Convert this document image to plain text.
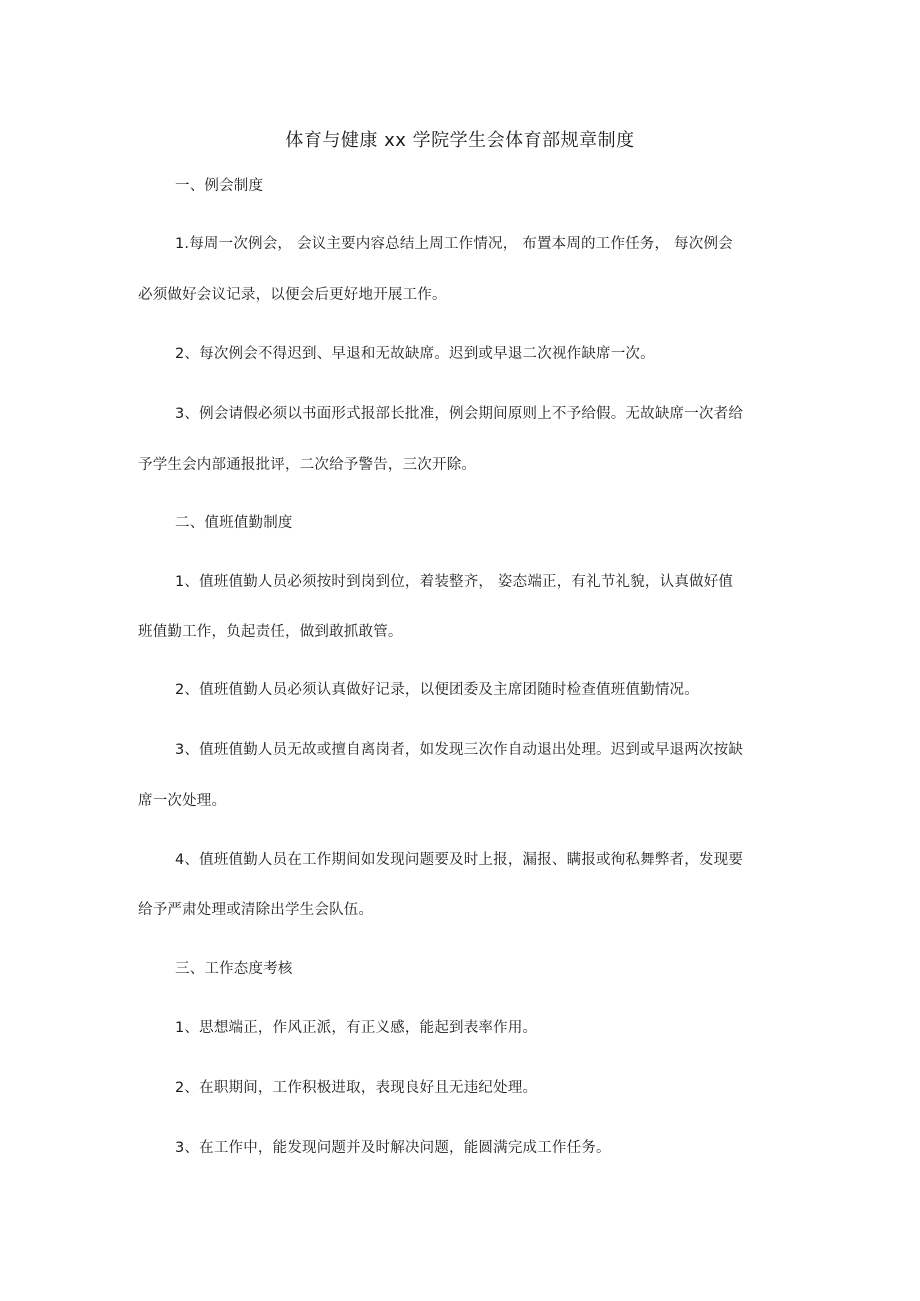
体育与健康 xx 学院学生会体育部规章制度
一、例会制度
1.每周一次例会， 会议主要内容总结上周工作情况， 布置本周的工作任务， 每次例会
必须做好会议记录，以便会后更好地开展工作。
2、每次例会不得迟到、早退和无故缺席。迟到或早退二次视作缺席一次。
3、例会请假必须以书面形式报部长批准，例会期间原则上不予给假。无故缺席一次者给
予学生会内部通报批评，二次给予警告，三次开除。
二、值班值勤制度
1、值班值勤人员必须按时到岗到位，着装整齐， 姿态端正，有礼节礼貌，认真做好值
班值勤工作，负起责任，做到敢抓敢管。
2、值班值勤人员必须认真做好记录，以便团委及主席团随时检查值班值勤情况。
3、值班值勤人员无故或擅自离岗者，如发现三次作自动退出处理。迟到或早退两次按缺
席一次处理。
4、值班值勤人员在工作期间如发现问题要及时上报，漏报、瞒报或徇私舞弊者，发现要
给予严肃处理或清除出学生会队伍。
三、工作态度考核
1、思想端正，作风正派，有正义感，能起到表率作用。
2、在职期间，工作积极进取，表现良好且无违纪处理。
3、在工作中，能发现问题并及时解决问题，能圆满完成工作任务。
